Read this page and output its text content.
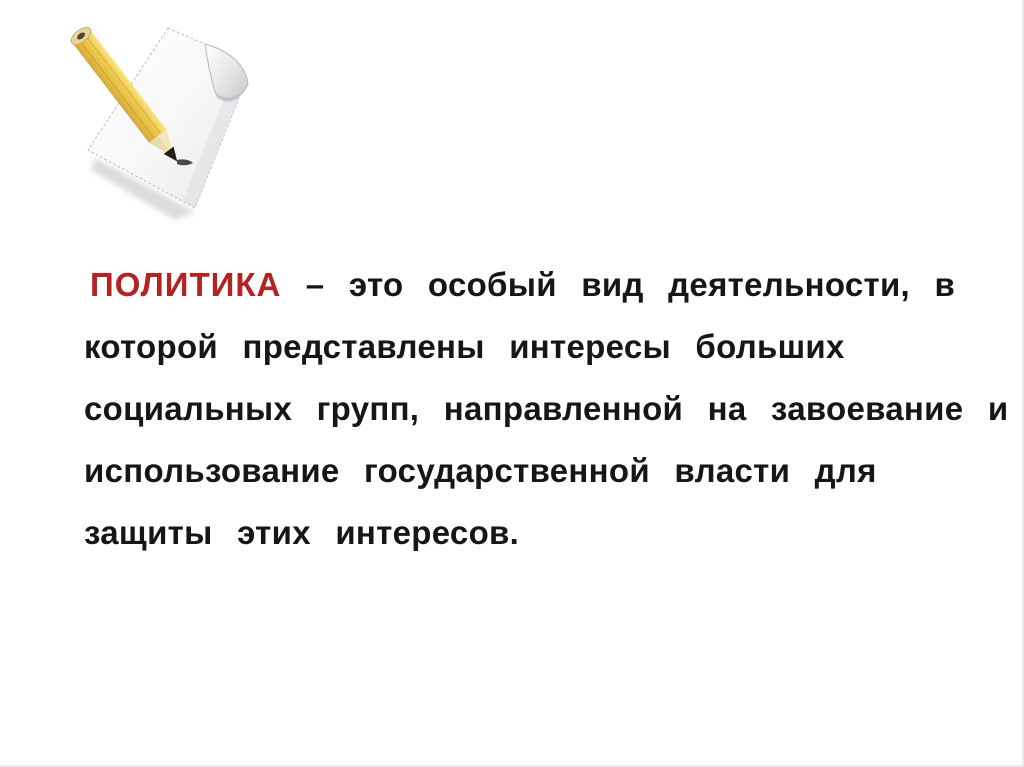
ПОЛИТИКА – это особый вид деятельности, в
которой представлены интересы больших
социальных групп, направленной на завоевание и
использование государственной власти для
защиты этих интересов.
